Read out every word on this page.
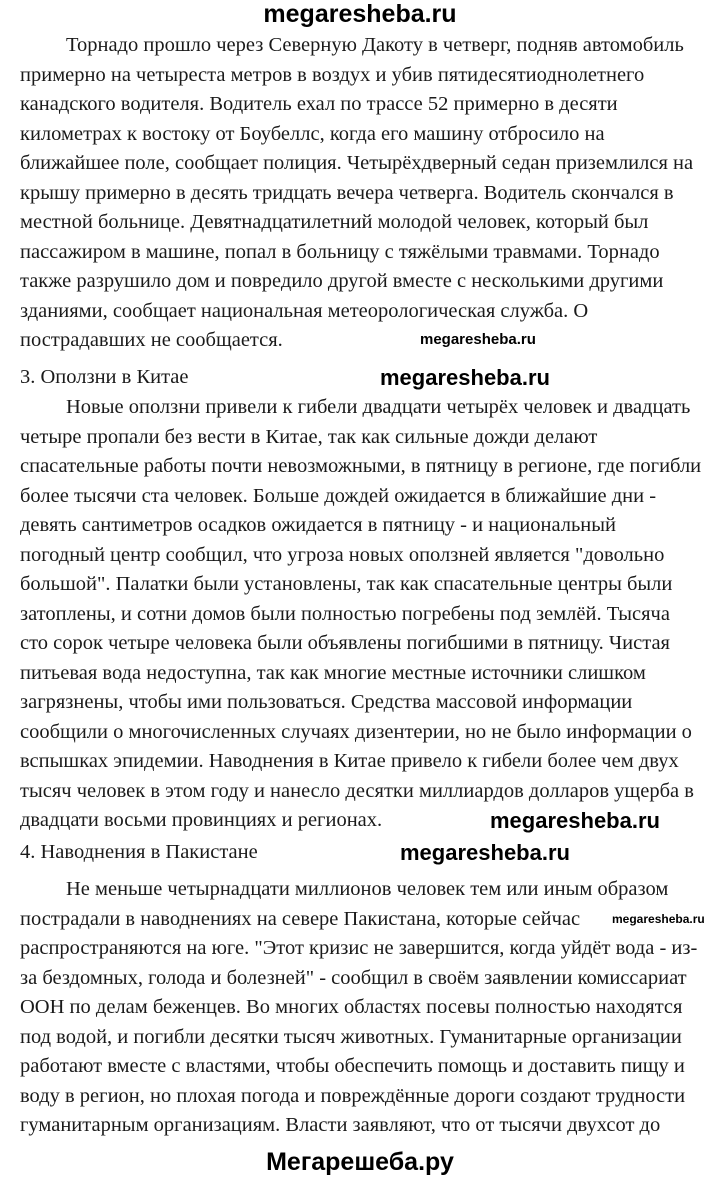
megaresheba.ru
Торнадо прошло через Северную Дакоту в четверг, подняв автомобиль
примерно на четыреста метров в воздух и убив пятидесятиоднолетнего
канадского водителя. Водитель ехал по трассе 52 примерно в десяти
километрах к востоку от Боубеллс, когда его машину отбросило на
ближайшее поле, сообщает полиция. Четырёхдверный седан приземлился на
крышу примерно в десять тридцать вечера четверга. Водитель скончался в
местной больнице. Девятнадцатилетний молодой человек, который был
пассажиром в машине, попал в больницу с тяжёлыми травмами. Торнадо
также разрушило дом и повредило другой вместе с несколькими другими
зданиями, сообщает национальная метеорологическая служба. О
пострадавших не сообщается.
3. Оползни в Китае
Новые оползни привели к гибели двадцати четырёх человек и двадцать
четыре пропали без вести в Китае, так как сильные дожди делают
спасательные работы почти невозможными, в пятницу в регионе, где погибли
более тысячи ста человек. Больше дождей ожидается в ближайшие дни -
девять сантиметров осадков ожидается в пятницу - и национальный
погодный центр сообщил, что угроза новых оползней является "довольно
большой". Палатки были установлены, так как спасательные центры были
затоплены, и сотни домов были полностью погребены под землёй. Тысяча
сто сорок четыре человека были объявлены погибшими в пятницу. Чистая
питьевая вода недоступна, так как многие местные источники слишком
загрязнены, чтобы ими пользоваться. Средства массовой информации
сообщили о многочисленных случаях дизентерии, но не было информации о
вспышках эпидемии. Наводнения в Китае привело к гибели более чем двух
тысяч человек в этом году и нанесло десятки миллиардов долларов ущерба в
двадцати восьми провинциях и регионах.
4. Наводнения в Пакистане
Не меньше четырнадцати миллионов человек тем или иным образом
пострадали в наводнениях на севере Пакистана, которые сейчас
распространяются на юге. "Этот кризис не завершится, когда уйдёт вода - из-
за бездомных, голода и болезней" - сообщил в своём заявлении комиссариат
ООН по делам беженцев. Во многих областях посевы полностью находятся
под водой, и погибли десятки тысяч животных. Гуманитарные организации
работают вместе с властями, чтобы обеспечить помощь и доставить пищу и
воду в регион, но плохая погода и повреждённые дороги создают трудности
гуманитарным организациям. Власти заявляют, что от тысячи двухсот до
Мегарешеба.ру
megaresheba.ru
megaresheba.ru
megaresheba.ru
megaresheba.ru
megaresheba.ru
